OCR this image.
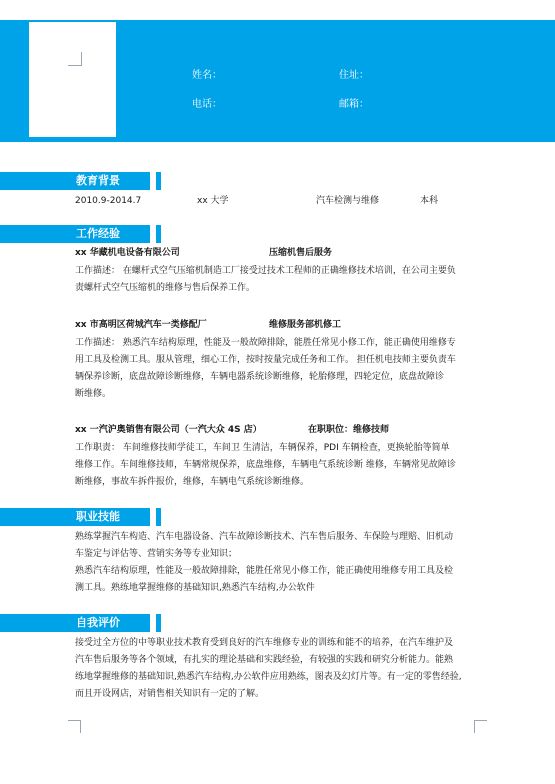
姓名：	住址：
电话：	邮箱：
教育背景
2010.9-2014.7	xx 大学	汽车检测与维修	本科
工作经验
xx 华藏机电设备有限公司	压缩机售后服务
工作描述： 在螺杆式空气压缩机制造工厂接受过技术工程师的正确维修技术培训，在公司主要负
责螺杆式空气压缩机的维修与售后保养工作。
xx 市高明区荷城汽车一类修配厂	维修服务部机修工
工作描述： 熟悉汽车结构原理，性能及一般故障排除，能胜任常见小修工作，能正确使用维修专
用工具及检测工具。服从管理，细心工作，按时按量完成任务和工作。 担任机电技师主要负责车
辆保养诊断，底盘故障诊断维修，车辆电器系统诊断维修，轮胎修理，四轮定位，底盘故障诊
断维修。
xx 一汽沪奥销售有限公司（一汽大众 4S 店）	在职职位：维修技师
工作职责： 车间维修技师学徒工，车间卫 生清洁，车辆保养，PDI 车辆检查，更换轮胎等简单
维修工作。车间维修技师，车辆常规保养，底盘维修，车辆电气系统诊断 维修，车辆常见故障诊
断维修，事故车拆件报价，维修，车辆电气系统诊断维修。
职业技能
熟练掌握汽车构造、汽车电器设备、汽车故障诊断技术、汽车售后服务、车保险与理赔、旧机动
车鉴定与评估等、营销实务等专业知识；
熟悉汽车结构原理，性能及一般故障排除，能胜任常见小修工作，能正确使用维修专用工具及检
测工具。熟练地掌握维修的基础知识,熟悉汽车结构,办公软件
自我评价
接受过全方位的中等职业技术教育受到良好的汽车维修专业的训练和能不的培养，在汽车维护及
汽车售后服务等各个领域，有扎实的理论基础和实践经验，有较强的实践和研究分析能力。能熟
练地掌握维修的基础知识,熟悉汽车结构,办公软件应用熟练，图表及幻灯片等。有一定的零售经验,
而且开设网店，对销售相关知识有一定的了解。
